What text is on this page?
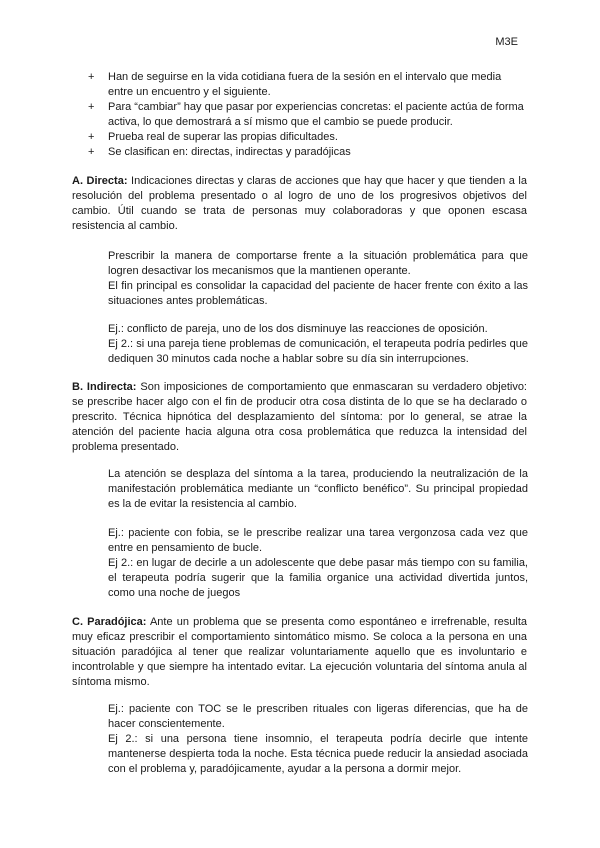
M3E
+ Han de seguirse en la vida cotidiana fuera de la sesión en el intervalo que media entre un encuentro y el siguiente.
+ Para “cambiar” hay que pasar por experiencias concretas: el paciente actúa de forma activa, lo que demostrará a sí mismo que el cambio se puede producir.
+ Prueba real de superar las propias dificultades.
+ Se clasifican en: directas, indirectas y paradójicas

A. Directa: Indicaciones directas y claras de acciones que hay que hacer y que tienden a la resolución del problema presentado o al logro de uno de los progresivos objetivos del cambio. Útil cuando se trata de personas muy colaboradoras y que oponen escasa resistencia al cambio.

Prescribir la manera de comportarse frente a la situación problemática para que logren desactivar los mecanismos que la mantienen operante.

El fin principal es consolidar la capacidad del paciente de hacer frente con éxito a las situaciones antes problemáticas.

Ej.: conflicto de pareja, uno de los dos disminuye las reacciones de oposición.

Ej 2.: si una pareja tiene problemas de comunicación, el terapeuta podría pedirles que dediquen 30 minutos cada noche a hablar sobre su día sin interrupciones.

B. Indirecta: Son imposiciones de comportamiento que enmascaran su verdadero objetivo: se prescribe hacer algo con el fin de producir otra cosa distinta de lo que se ha declarado o prescrito. Técnica hipnótica del desplazamiento del síntoma: por lo general, se atrae la atención del paciente hacia alguna otra cosa problemática que reduzca la intensidad del problema presentado.

La atención se desplaza del síntoma a la tarea, produciendo la neutralización de la manifestación problemática mediante un “conflicto benéfico”. Su principal propiedad es la de evitar la resistencia al cambio.

Ej.: paciente con fobia, se le prescribe realizar una tarea vergonzosa cada vez que entre en pensamiento de bucle.

Ej 2.: en lugar de decirle a un adolescente que debe pasar más tiempo con su familia, el terapeuta podría sugerir que la familia organice una actividad divertida juntos, como una noche de juegos

C. Paradójica: Ante un problema que se presenta como espontáneo e irrefrenable, resulta muy eficaz prescribir el comportamiento sintomático mismo. Se coloca a la persona en una situación paradójica al tener que realizar voluntariamente aquello que es involuntario e incontrolable y que siempre ha intentado evitar. La ejecución voluntaria del síntoma anula al síntoma mismo.

Ej.: paciente con TOC se le prescriben rituales con ligeras diferencias, que ha de hacer conscientemente.

Ej 2.: si una persona tiene insomnio, el terapeuta podría decirle que intente mantenerse despierta toda la noche. Esta técnica puede reducir la ansiedad asociada con el problema y, paradójicamente, ayudar a la persona a dormir mejor.
